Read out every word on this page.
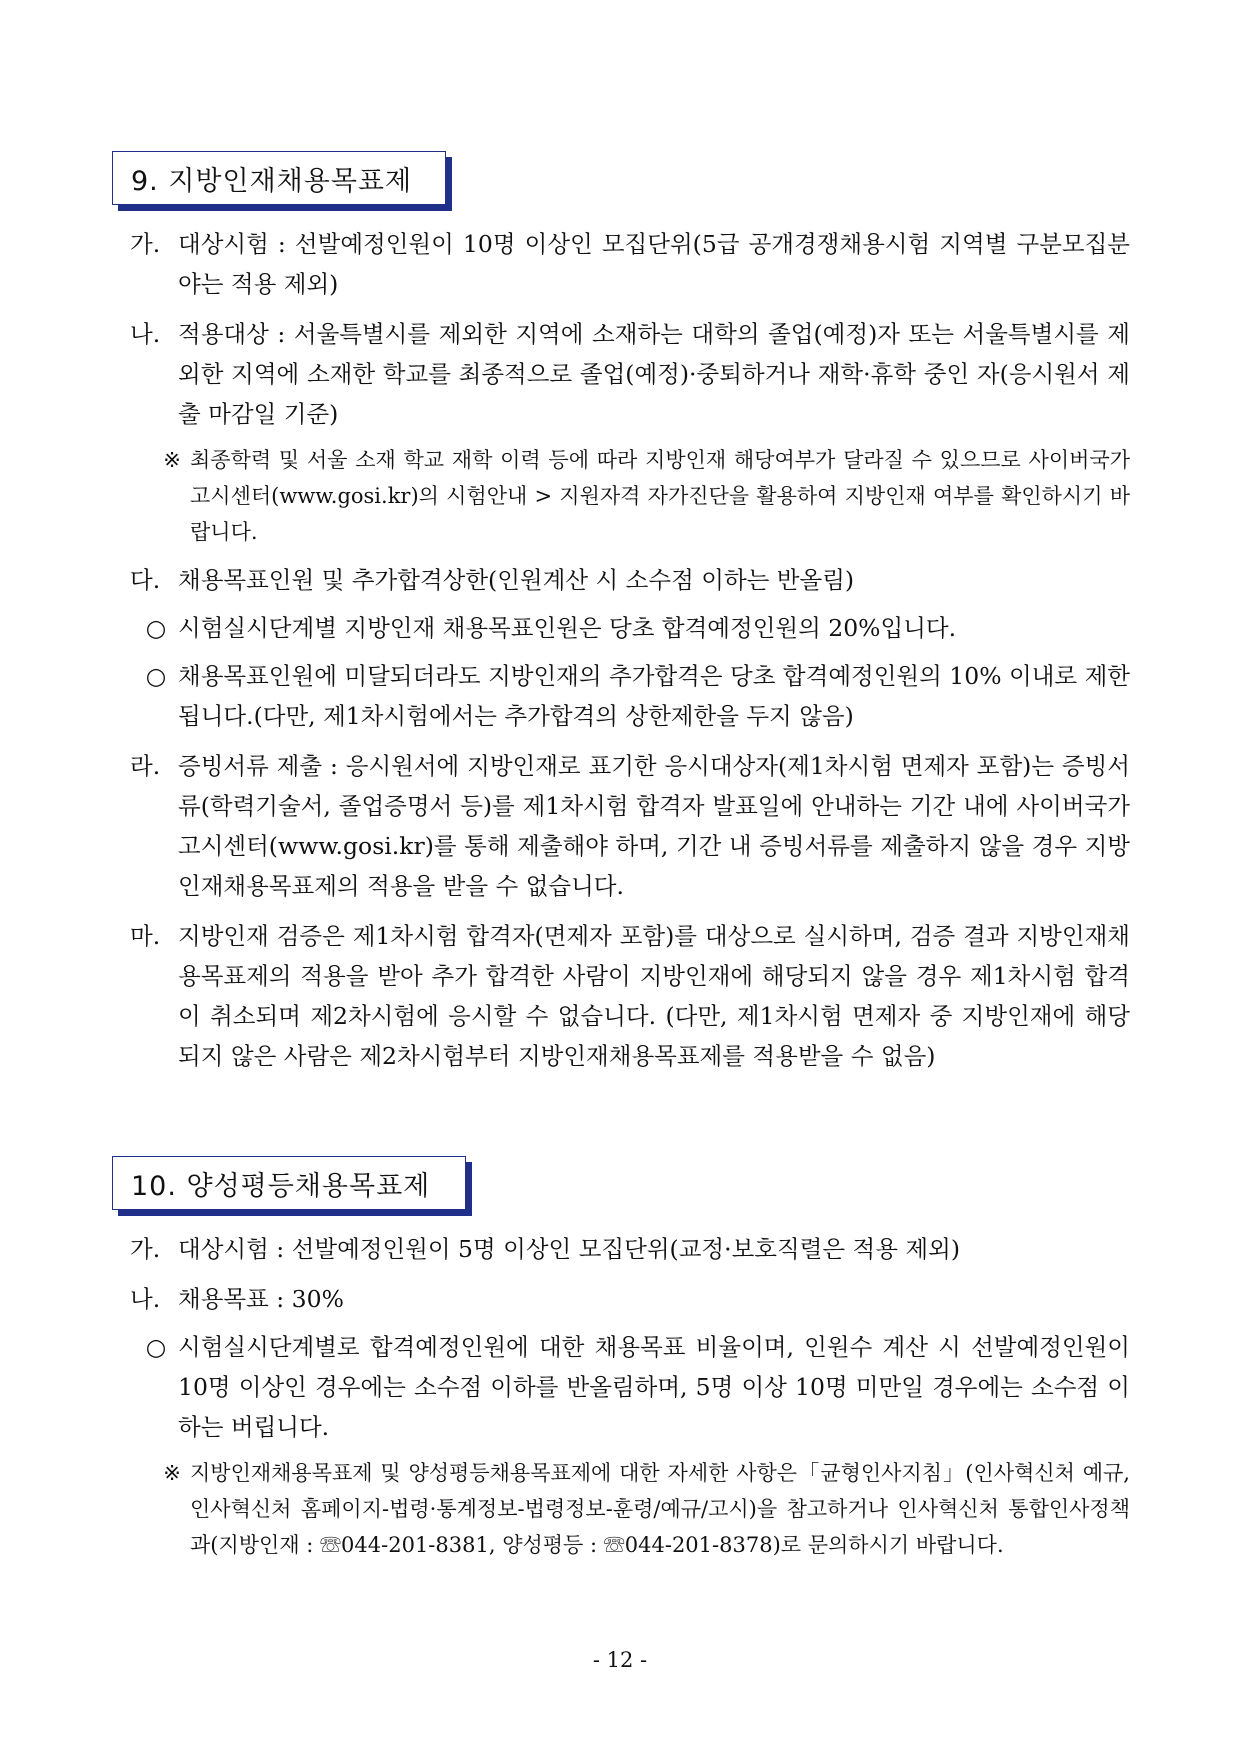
9. 지방인재채용목표제
가. 대상시험 : 선발예정인원이 10명 이상인 모집단위(5급 공개경쟁채용시험 지역별 구분모집분야는 적용 제외)
나. 적용대상 : 서울특별시를 제외한 지역에 소재하는 대학의 졸업(예정)자 또는 서울특별시를 제외한 지역에 소재한 학교를 최종적으로 졸업(예정)·중퇴하거나 재학·휴학 중인 자(응시원서 제출 마감일 기준)
※ 최종학력 및 서울 소재 학교 재학 이력 등에 따라 지방인재 해당여부가 달라질 수 있으므로 사이버국가고시센터(www.gosi.kr)의 시험안내 > 지원자격 자가진단을 활용하여 지방인재 여부를 확인하시기 바랍니다.
다. 채용목표인원 및 추가합격상한(인원계산 시 소수점 이하는 반올림)
○ 시험실시단계별 지방인재 채용목표인원은 당초 합격예정인원의 20%입니다.
○ 채용목표인원에 미달되더라도 지방인재의 추가합격은 당초 합격예정인원의 10% 이내로 제한됩니다.(다만, 제1차시험에서는 추가합격의 상한제한을 두지 않음)
라. 증빙서류 제출 : 응시원서에 지방인재로 표기한 응시대상자(제1차시험 면제자 포함)는 증빙서류(학력기술서, 졸업증명서 등)를 제1차시험 합격자 발표일에 안내하는 기간 내에 사이버국가고시센터(www.gosi.kr)를 통해 제출해야 하며, 기간 내 증빙서류를 제출하지 않을 경우 지방인재채용목표제의 적용을 받을 수 없습니다.
마. 지방인재 검증은 제1차시험 합격자(면제자 포함)를 대상으로 실시하며, 검증 결과 지방인재채용목표제의 적용을 받아 추가 합격한 사람이 지방인재에 해당되지 않을 경우 제1차시험 합격이 취소되며 제2차시험에 응시할 수 없습니다. (다만, 제1차시험 면제자 중 지방인재에 해당되지 않은 사람은 제2차시험부터 지방인재채용목표제를 적용받을 수 없음)
10. 양성평등채용목표제
가. 대상시험 : 선발예정인원이 5명 이상인 모집단위(교정·보호직렬은 적용 제외)
나. 채용목표 : 30%
○ 시험실시단계별로 합격예정인원에 대한 채용목표 비율이며, 인원수 계산 시 선발예정인원이 10명 이상인 경우에는 소수점 이하를 반올림하며, 5명 이상 10명 미만일 경우에는 소수점 이하는 버립니다.
※ 지방인재채용목표제 및 양성평등채용목표제에 대한 자세한 사항은「균형인사지침」(인사혁신처 예규, 인사혁신처 홈페이지-법령·통계정보-법령정보-훈령/예규/고시)을 참고하거나 인사혁신처 통합인사정책과(지방인재 : ☏044-201-8381, 양성평등 : ☏044-201-8378)로 문의하시기 바랍니다.
- 12 -
